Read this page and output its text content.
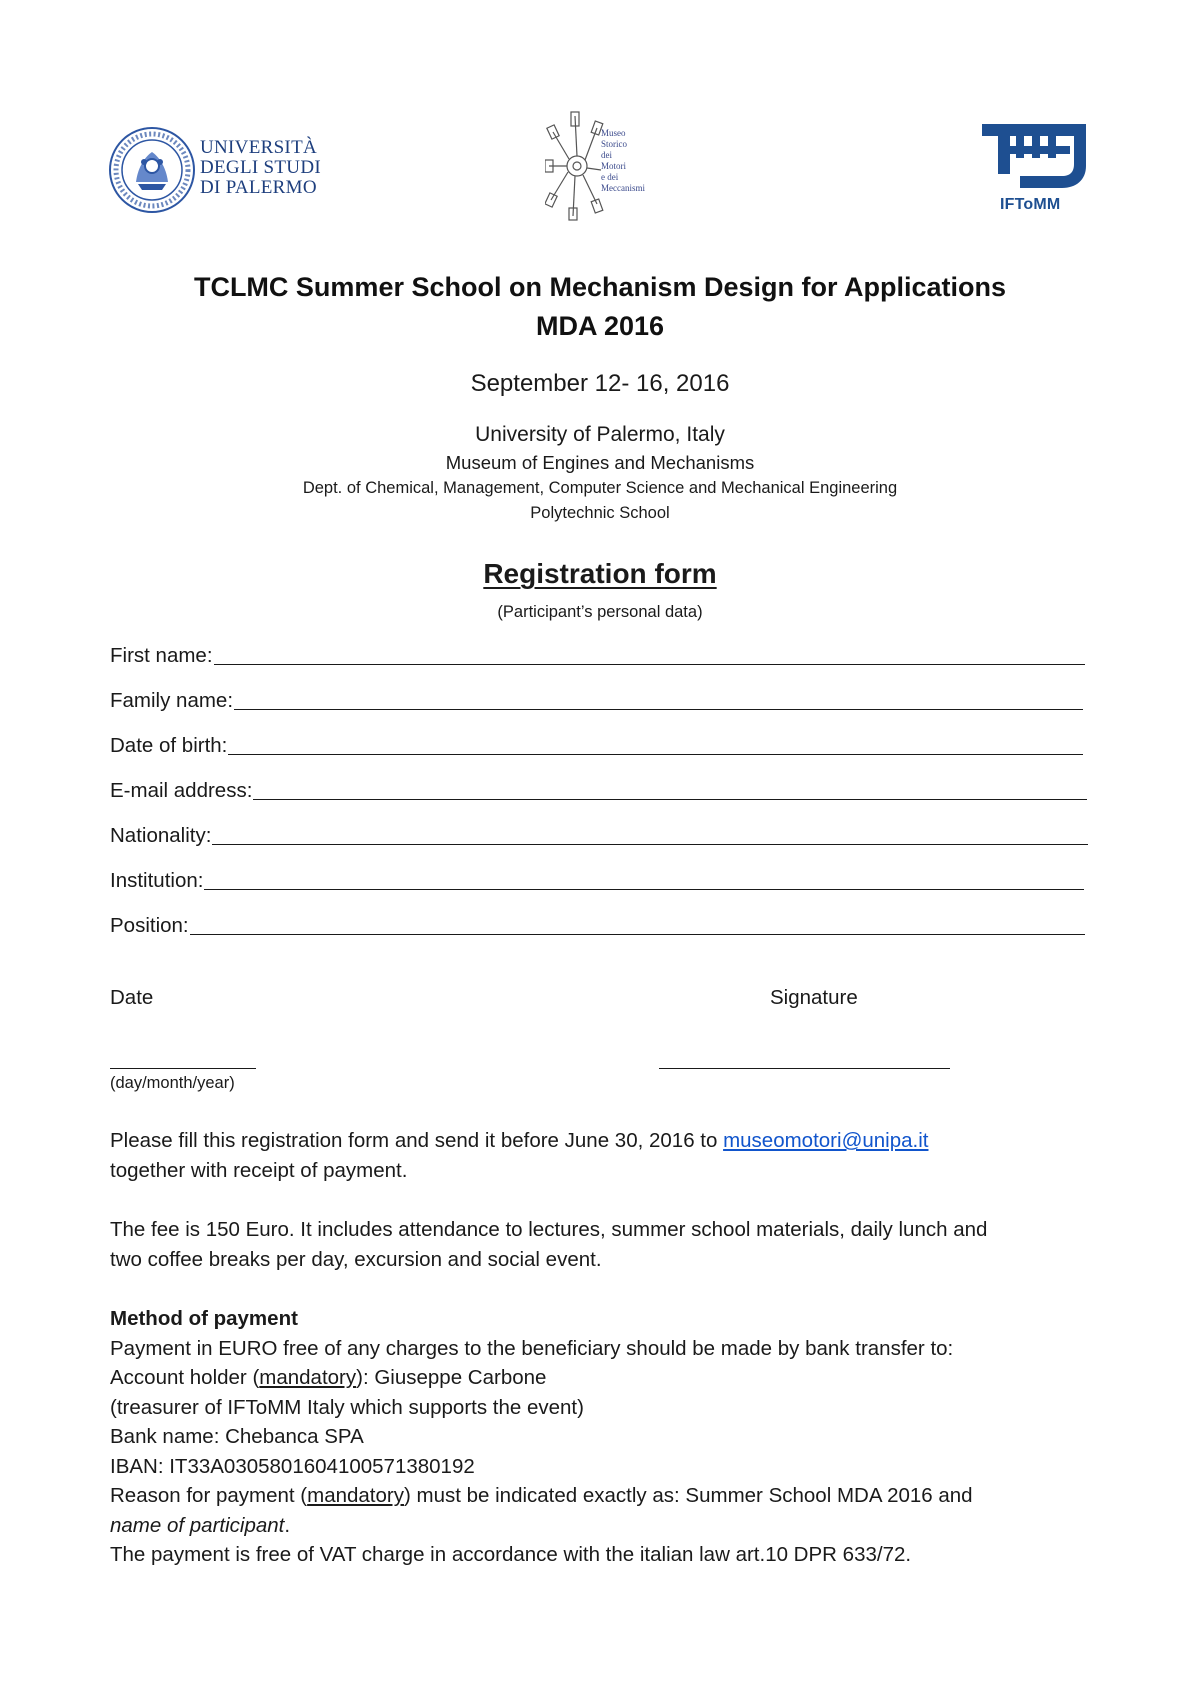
UNIVERSITÀ
DEGLI STUDI
DI PALERMO
Museo
Storico
dei
Motori
e dei
Meccanismi
IFToMM
TCLMC Summer School on Mechanism Design for Applications
MDA 2016
September 12- 16, 2016
University of Palermo, Italy
Museum of Engines and Mechanisms
Dept. of Chemical, Management, Computer Science and Mechanical Engineering
Polytechnic School
Registration form
(Participant’s personal data)
First name:
Family name:
Date of birth:
E-mail address:
Nationality:
Institution:
Position:
Date	Signature
(day/month/year)
Please fill this registration form and send it before June 30, 2016 to museomotori@unipa.it
together with receipt of payment.
The fee is 150 Euro. It includes attendance to lectures, summer school materials, daily lunch and
two coffee breaks per day, excursion and social event.
Method of payment
Payment in EURO free of any charges to the beneficiary should be made by bank transfer to:
Account holder (mandatory): Giuseppe Carbone
(treasurer of IFToMM Italy which supports the event)
Bank name: Chebanca SPA
IBAN: IT33A0305801604100571380192
Reason for payment (mandatory) must be indicated exactly as: Summer School MDA 2016 and
name of participant.
The payment is free of VAT charge in accordance with the italian law art.10 DPR 633/72.
